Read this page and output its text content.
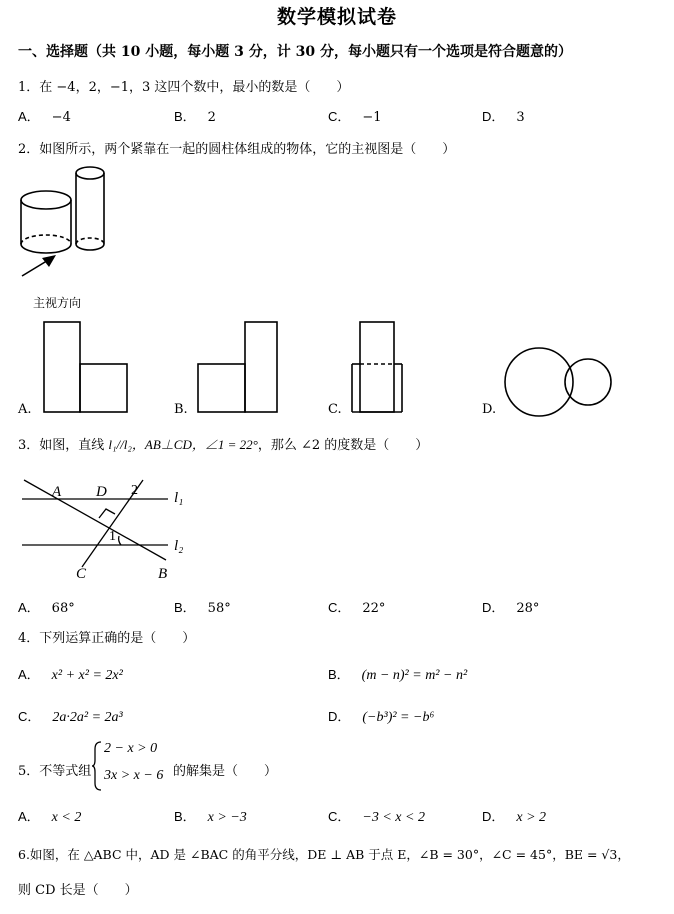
数学模拟试卷
一、选择题（共 10 小题，每小题 3 分，计 30 分，每小题只有一个选项是符合题意的）
1．在 −4，2，−1，3 这四个数中，最小的数是（　　）
A． −4	B． 2	C． −1	D． 3
2．如图所示，两个紧靠在一起的圆柱体组成的物体，它的主视图是（　　）
主视方向
A.	B.	C.	D.
3．如图，直线 l₁//l₂，AB⊥CD，∠1 = 22°，那么 ∠2 的度数是（　　）
A D	l₁
l₂
C	B
2
1
A． 68°	B． 58°	C． 22°	D． 28°
4．下列运算正确的是（　　）
A． x² + x² = 2x²	B． (m − n)² = m² − n²
C． 2a·2a² = 2a³	D． (−b³)² = −b⁶
5．不等式组
2 − x > 0
3x > x − 6 的解集是（　　）
A． x < 2	B． x > −3	C． −3 < x < 2	D． x > 2
6.如图，在 △ABC 中，AD 是 ∠BAC 的角平分线，DE ⊥ AB 于点 E，∠B = 30°，∠C = 45°，BE = √3，
则 CD 长是（　　）
